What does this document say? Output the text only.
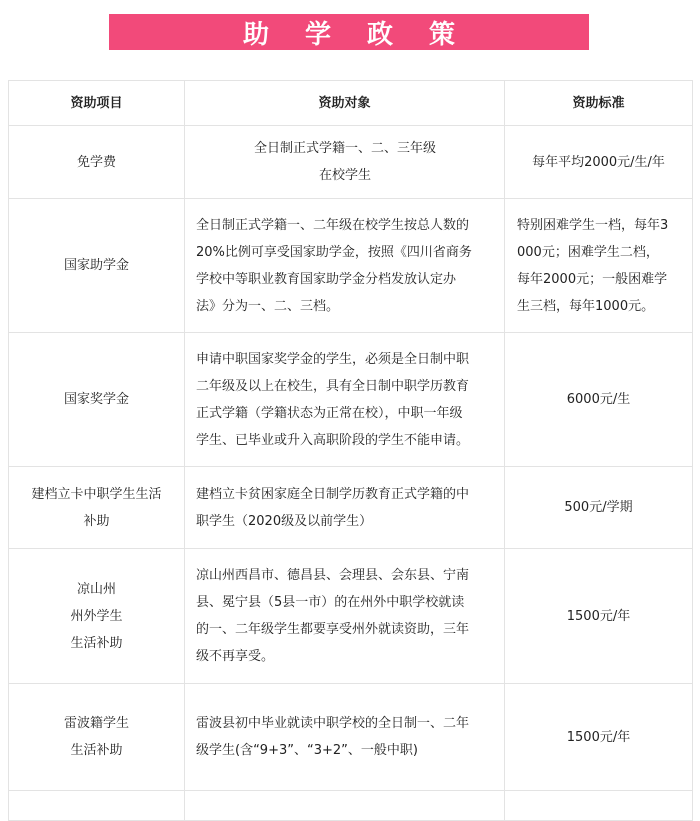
助学政策
资助项目	资助对象	资助标准

免学费	全日制正式学籍一、二、三年级
在校学生	每年平均2000元/生/年

国家助学金	全日制正式学籍一、二年级在校学生按总人数的
20%比例可享受国家助学金，按照《四川省商务
学校中等职业教育国家助学金分档发放认定办
法》分为一、二、三档。	特别困难学生一档，每年3
000元；困难学生二档，
每年2000元；一般困难学
生三档，每年1000元。

国家奖学金	申请中职国家奖学金的学生，必须是全日制中职
二年级及以上在校生，具有全日制中职学历教育
正式学籍（学籍状态为正常在校），中职一年级
学生、已毕业或升入高职阶段的学生不能申请。	6000元/生

建档立卡中职学生生活
补助	建档立卡贫困家庭全日制学历教育正式学籍的中
职学生（2020级及以前学生）	500元/学期

凉山州
州外学生
生活补助	凉山州西昌市、德昌县、会理县、会东县、宁南
县、冕宁县（5县一市）的在州外中职学校就读
的一、二年级学生都要享受州外就读资助，三年
级不再享受。	1500元/年

雷波籍学生
生活补助	雷波县初中毕业就读中职学校的全日制一、二年
级学生(含“9+3”、“3+2”、一般中职)	1500元/年
